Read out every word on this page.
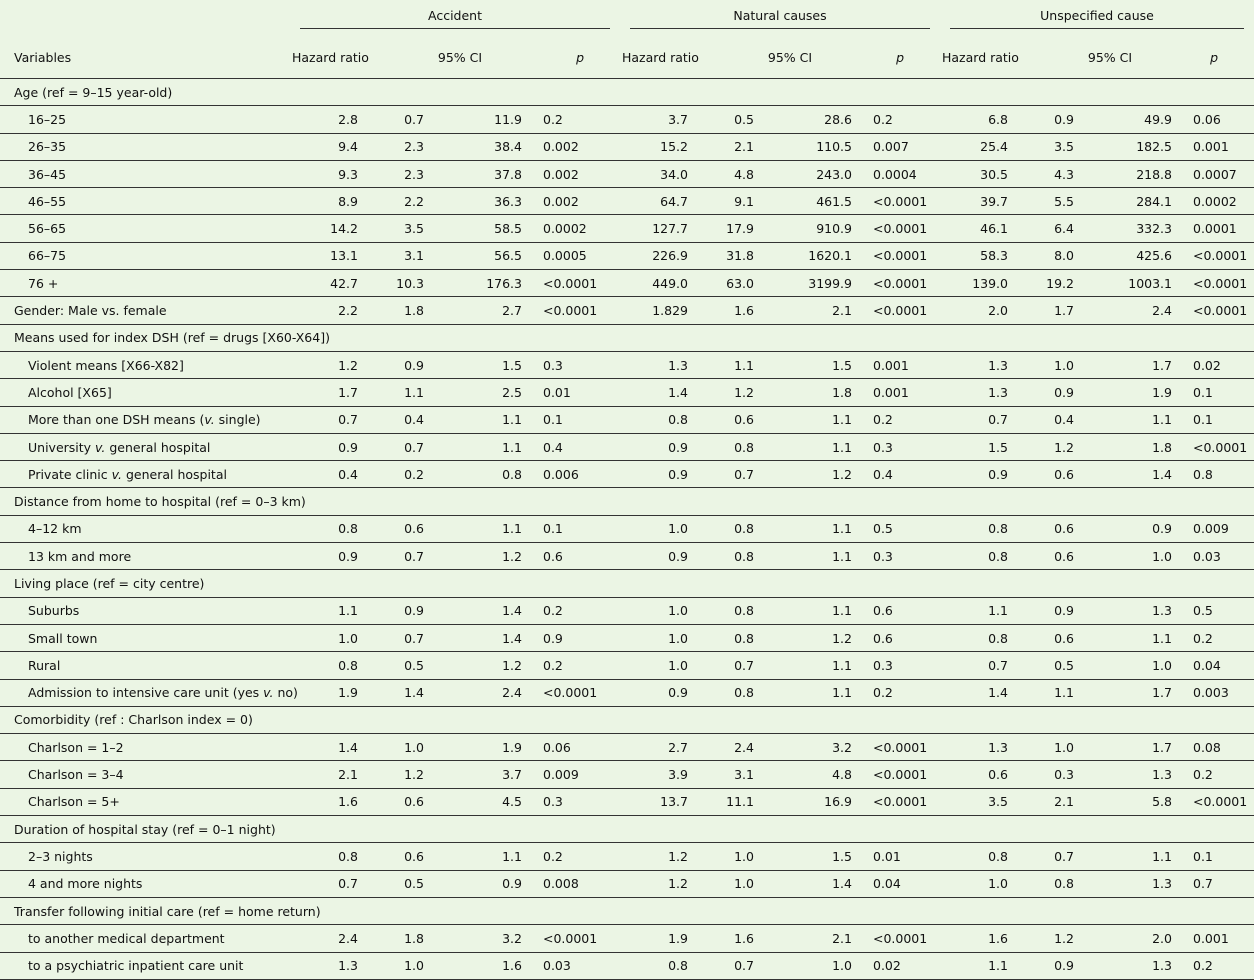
	Accident				Natural causes				Unspecified cause			

Variables	Hazard ratio	95% CI		p	Hazard ratio	95% CI		p	Hazard ratio	95% CI		p
Age (ref = 9–15 year-old)												
16–25	2.8	0.7	11.9	0.2	3.7	0.5	28.6	0.2	6.8	0.9	49.9	0.06
26–35	9.4	2.3	38.4	0.002	15.2	2.1	110.5	0.007	25.4	3.5	182.5	0.001
36–45	9.3	2.3	37.8	0.002	34.0	4.8	243.0	0.0004	30.5	4.3	218.8	0.0007
46–55	8.9	2.2	36.3	0.002	64.7	9.1	461.5	<0.0001	39.7	5.5	284.1	0.0002
56–65	14.2	3.5	58.5	0.0002	127.7	17.9	910.9	<0.0001	46.1	6.4	332.3	0.0001
66–75	13.1	3.1	56.5	0.0005	226.9	31.8	1620.1	<0.0001	58.3	8.0	425.6	<0.0001
76 +	42.7	10.3	176.3	<0.0001	449.0	63.0	3199.9	<0.0001	139.0	19.2	1003.1	<0.0001
Gender: Male vs. female	2.2	1.8	2.7	<0.0001	1.829	1.6	2.1	<0.0001	2.0	1.7	2.4	<0.0001
Means used for index DSH (ref = drugs [X60-X64])												
Violent means [X66-X82]	1.2	0.9	1.5	0.3	1.3	1.1	1.5	0.001	1.3	1.0	1.7	0.02
Alcohol [X65]	1.7	1.1	2.5	0.01	1.4	1.2	1.8	0.001	1.3	0.9	1.9	0.1
More than one DSH means (v. single)	0.7	0.4	1.1	0.1	0.8	0.6	1.1	0.2	0.7	0.4	1.1	0.1
University v. general hospital	0.9	0.7	1.1	0.4	0.9	0.8	1.1	0.3	1.5	1.2	1.8	<0.0001
Private clinic v. general hospital	0.4	0.2	0.8	0.006	0.9	0.7	1.2	0.4	0.9	0.6	1.4	0.8
Distance from home to hospital (ref = 0–3 km)												
4–12 km	0.8	0.6	1.1	0.1	1.0	0.8	1.1	0.5	0.8	0.6	0.9	0.009
13 km and more	0.9	0.7	1.2	0.6	0.9	0.8	1.1	0.3	0.8	0.6	1.0	0.03
Living place (ref = city centre)												
Suburbs	1.1	0.9	1.4	0.2	1.0	0.8	1.1	0.6	1.1	0.9	1.3	0.5
Small town	1.0	0.7	1.4	0.9	1.0	0.8	1.2	0.6	0.8	0.6	1.1	0.2
Rural	0.8	0.5	1.2	0.2	1.0	0.7	1.1	0.3	0.7	0.5	1.0	0.04
Admission to intensive care unit (yes v. no)	1.9	1.4	2.4	<0.0001	0.9	0.8	1.1	0.2	1.4	1.1	1.7	0.003
Comorbidity (ref : Charlson index = 0)												
Charlson = 1–2	1.4	1.0	1.9	0.06	2.7	2.4	3.2	<0.0001	1.3	1.0	1.7	0.08
Charlson = 3–4	2.1	1.2	3.7	0.009	3.9	3.1	4.8	<0.0001	0.6	0.3	1.3	0.2
Charlson = 5+	1.6	0.6	4.5	0.3	13.7	11.1	16.9	<0.0001	3.5	2.1	5.8	<0.0001
Duration of hospital stay (ref = 0–1 night)												
2–3 nights	0.8	0.6	1.1	0.2	1.2	1.0	1.5	0.01	0.8	0.7	1.1	0.1
4 and more nights	0.7	0.5	0.9	0.008	1.2	1.0	1.4	0.04	1.0	0.8	1.3	0.7
Transfer following initial care (ref = home return)												
to another medical department	2.4	1.8	3.2	<0.0001	1.9	1.6	2.1	<0.0001	1.6	1.2	2.0	0.001
to a psychiatric inpatient care unit	1.3	1.0	1.6	0.03	0.8	0.7	1.0	0.02	1.1	0.9	1.3	0.2
